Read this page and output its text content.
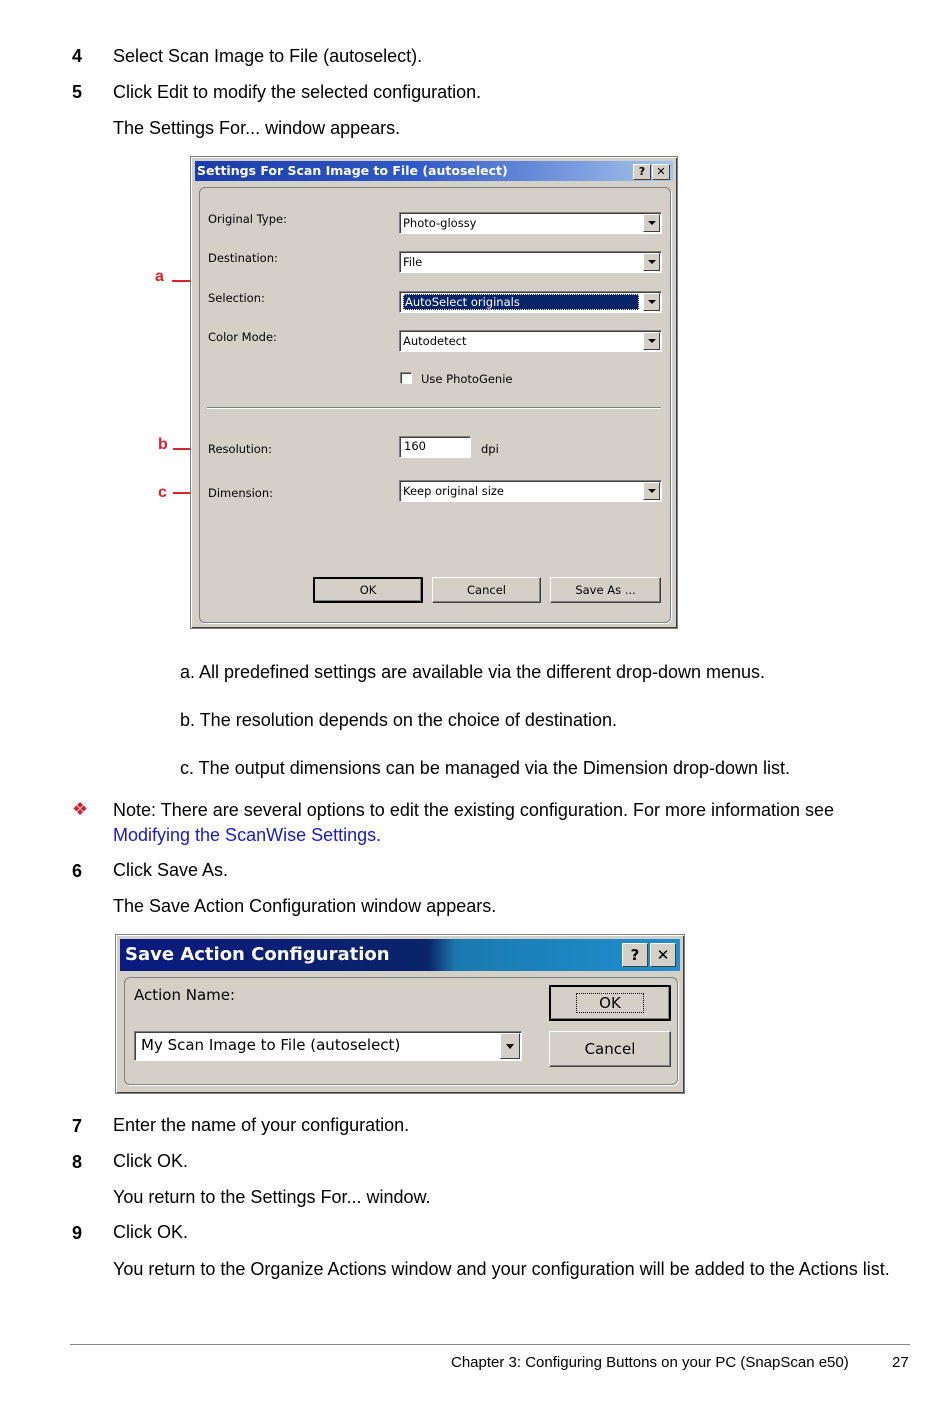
4 Select Scan Image to File (autoselect).
5 Click Edit to modify the selected configuration.
The Settings For... window appears.
a
b
c
Settings For Scan Image to File (autoselect)	?	✕
Original Type:	Photo-glossy
Destination:	File
Selection:	AutoSelect originals
Color Mode:	Autodetect
Use PhotoGenie
Resolution:	160	dpi
Dimension:	Keep original size
OK	Cancel	Save As ...
a. All predefined settings are available via the different drop-down menus.
b. The resolution depends on the choice of destination.
c. The output dimensions can be managed via the Dimension drop-down list.
❖ Note: There are several options to edit the existing configuration. For more information see
Modifying the ScanWise Settings.
6 Click Save As.
The Save Action Configuration window appears.
Save Action Configuration	?	✕
Action Name:
My Scan Image to File (autoselect)
OK
Cancel
7 Enter the name of your configuration.
8 Click OK.
You return to the Settings For... window.
9 Click OK.
You return to the Organize Actions window and your configuration will be added to the Actions list.
Chapter 3: Configuring Buttons on your PC (SnapScan e50)	27
